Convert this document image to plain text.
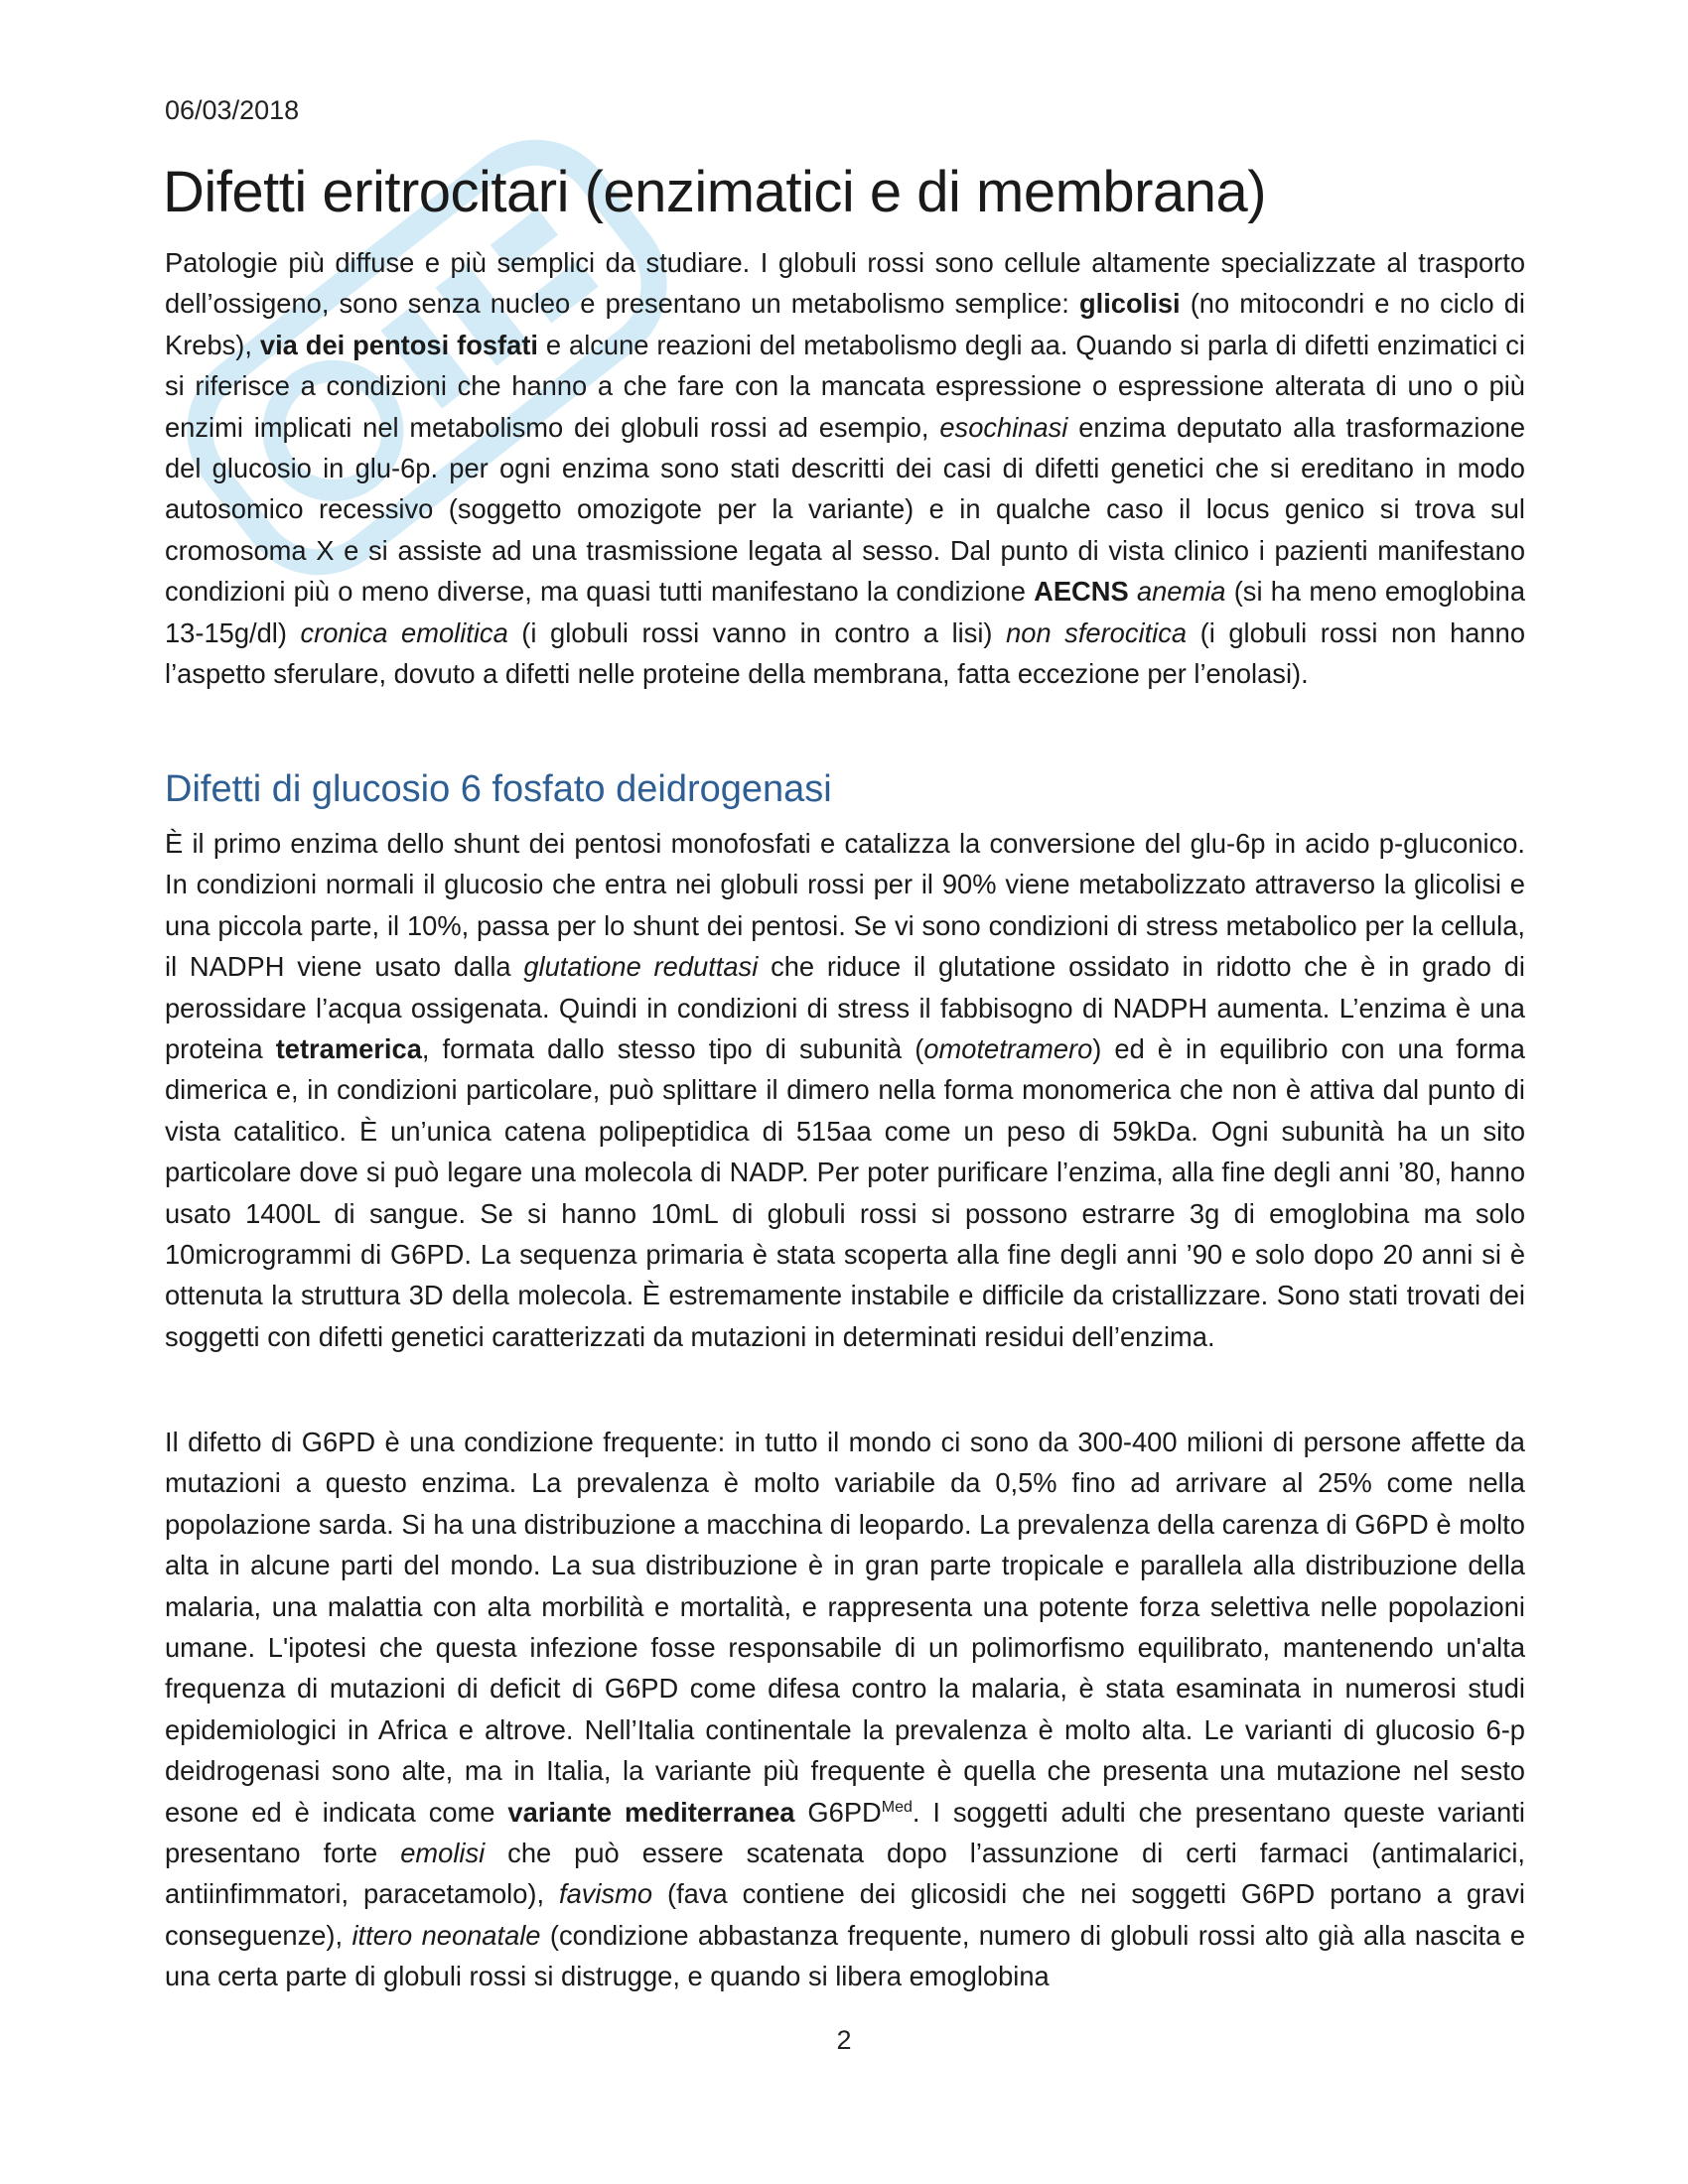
06/03/2018
Difetti eritrocitari (enzimatici e di membrana)

Patologie più diffuse e più semplici da studiare. I globuli rossi sono cellule altamente specializzate al trasporto dell’ossigeno, sono senza nucleo e presentano un metabolismo semplice: glicolisi (no mitocondri e no ciclo di Krebs), via dei pentosi fosfati e alcune reazioni del metabolismo degli aa. Quando si parla di difetti enzimatici ci si riferisce a condizioni che hanno a che fare con la mancata espressione o espressione alterata di uno o più enzimi implicati nel metabolismo dei globuli rossi ad esempio, esochinasi enzima deputato alla trasformazione del glucosio in glu-6p. per ogni enzima sono stati descritti dei casi di difetti genetici che si ereditano in modo autosomico recessivo (soggetto omozigote per la variante) e in qualche caso il locus genico si trova sul cromosoma X e si assiste ad una trasmissione legata al sesso. Dal punto di vista clinico i pazienti manifestano condizioni più o meno diverse, ma quasi tutti manifestano la condizione AECNS anemia (si ha meno emoglobina 13-15g/dl) cronica emolitica (i globuli rossi vanno in contro a lisi) non sferocitica (i globuli rossi non hanno l’aspetto sferulare, dovuto a difetti nelle proteine della membrana, fatta eccezione per l’enolasi).

Difetti di glucosio 6 fosfato deidrogenasi

È il primo enzima dello shunt dei pentosi monofosfati e catalizza la conversione del glu-6p in acido p-gluconico. In condizioni normali il glucosio che entra nei globuli rossi per il 90% viene metabolizzato attraverso la glicolisi e una piccola parte, il 10%, passa per lo shunt dei pentosi. Se vi sono condizioni di stress metabolico per la cellula, il NADPH viene usato dalla glutatione reduttasi che riduce il glutatione ossidato in ridotto che è in grado di perossidare l’acqua ossigenata. Quindi in condizioni di stress il fabbisogno di NADPH aumenta. L’enzima è una proteina tetramerica, formata dallo stesso tipo di subunità (omotetramero) ed è in equilibrio con una forma dimerica e, in condizioni particolare, può splittare il dimero nella forma monomerica che non è attiva dal punto di vista catalitico. È un’unica catena polipeptidica di 515aa come un peso di 59kDa. Ogni subunità ha un sito particolare dove si può legare una molecola di NADP. Per poter purificare l’enzima, alla fine degli anni ’80, hanno usato 1400L di sangue. Se si hanno 10mL di globuli rossi si possono estrarre 3g di emoglobina ma solo 10microgrammi di G6PD. La sequenza primaria è stata scoperta alla fine degli anni ’90 e solo dopo 20 anni si è ottenuta la struttura 3D della molecola. È estremamente instabile e difficile da cristallizzare. Sono stati trovati dei soggetti con difetti genetici caratterizzati da mutazioni in determinati residui dell’enzima.

Il difetto di G6PD è una condizione frequente: in tutto il mondo ci sono da 300-400 milioni di persone affette da mutazioni a questo enzima. La prevalenza è molto variabile da 0,5% fino ad arrivare al 25% come nella popolazione sarda. Si ha una distribuzione a macchina di leopardo. La prevalenza della carenza di G6PD è molto alta in alcune parti del mondo. La sua distribuzione è in gran parte tropicale e parallela alla distribuzione della malaria, una malattia con alta morbilità e mortalità, e rappresenta una potente forza selettiva nelle popolazioni umane. L'ipotesi che questa infezione fosse responsabile di un polimorfismo equilibrato, mantenendo un'alta frequenza di mutazioni di deficit di G6PD come difesa contro la malaria, è stata esaminata in numerosi studi epidemiologici in Africa e altrove. Nell’Italia continentale la prevalenza è molto alta. Le varianti di glucosio 6-p deidrogenasi sono alte, ma in Italia, la variante più frequente è quella che presenta una mutazione nel sesto esone ed è indicata come variante mediterranea $G6PD^{Med}$. I soggetti adulti che presentano queste varianti presentano forte emolisi che può essere scatenata dopo l’assunzione di certi farmaci (antimalarici, antiinfimmatori, paracetamolo), favismo (fava contiene dei glicosidi che nei soggetti G6PD portano a gravi conseguenze), ittero neonatale (condizione abbastanza frequente, numero di globuli rossi alto già alla nascita e una certa parte di globuli rossi si distrugge, e quando si libera emoglobina

2
